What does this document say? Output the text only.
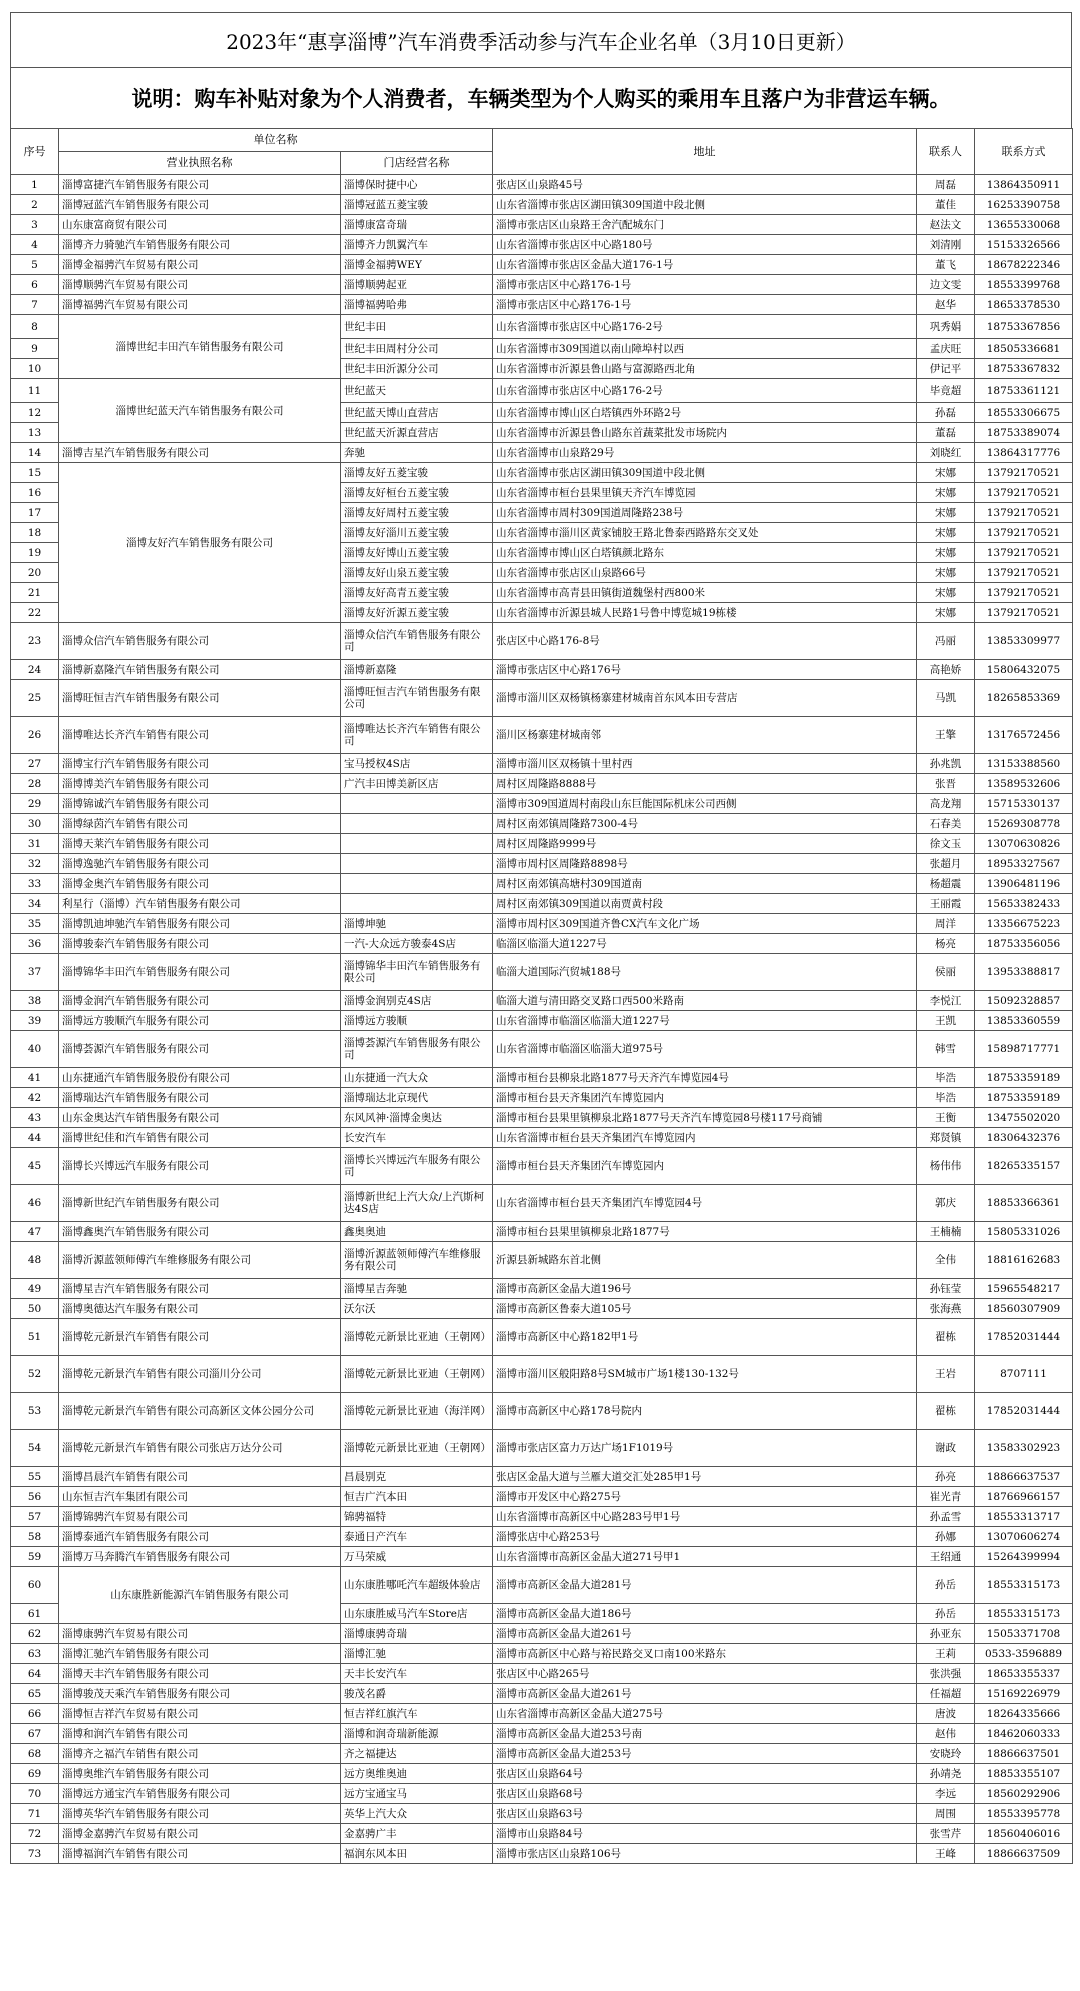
2023年“惠享淄博”汽车消费季活动参与汽车企业名单（3月10日更新）
说明：购车补贴对象为个人消费者，车辆类型为个人购买的乘用车且落户为非营运车辆。
序号	单位名称		地址	联系人	联系方式
	营业执照名称	门店经营名称			
1	淄博富捷汽车销售服务有限公司	淄博保时捷中心	张店区山泉路45号	周磊	13864350911
2	淄博冠蓝汽车销售服务有限公司	淄博冠蓝五菱宝骏	山东省淄博市张店区湖田镇309国道中段北侧	董佳	16253390758
3	山东康富商贸有限公司	淄博康富奇瑞	淄博市张店区山泉路王舍汽配城东门	赵法文	13655330068
4	淄博齐力骑驰汽车销售服务有限公司	淄博齐力凯翼汽车	山东省淄博市张店区中心路180号	刘清刚	15153326566
5	淄博金福骋汽车贸易有限公司	淄博金福骋WEY	山东省淄博市张店区金晶大道176-1号	董飞	18678222346
6	淄博顺骋汽车贸易有限公司	淄博顺骋起亚	淄博市张店区中心路176-1号	边文雯	18553399768
7	淄博福骋汽车贸易有限公司	淄博福骋哈弗	淄博市张店区中心路176-1号	赵华	18653378530
8	淄博世纪丰田汽车销售服务有限公司	世纪丰田	山东省淄博市张店区中心路176-2号	巩秀娟	18753367856
9		世纪丰田周村分公司	山东省淄博市309国道以南山障埠村以西	孟庆旺	18505336681
10		世纪丰田沂源分公司	山东省淄博市沂源县鲁山路与富源路西北角	伊记平	18753367832
11	淄博世纪蓝天汽车销售服务有限公司	世纪蓝天	山东省淄博市张店区中心路176-2号	毕竟超	18753361121
12		世纪蓝天博山直营店	山东省淄博市博山区白塔镇西外环路2号	孙磊	18553306675
13		世纪蓝天沂源直营店	山东省淄博市沂源县鲁山路东首蔬菜批发市场院内	董磊	18753389074
14	淄博吉星汽车销售服务有限公司	奔驰	山东省淄博市山泉路29号	刘晓红	13864317776
15	淄博友好汽车销售服务有限公司	淄博友好五菱宝骏	山东省淄博市张店区湖田镇309国道中段北侧	宋娜	13792170521
16		淄博友好桓台五菱宝骏	山东省淄博市桓台县果里镇天齐汽车博览园	宋娜	13792170521
17		淄博友好周村五菱宝骏	山东省淄博市周村309国道周隆路238号	宋娜	13792170521
18		淄博友好淄川五菱宝骏	山东省淄博市淄川区黄家铺胶王路北鲁泰西路路东交叉处	宋娜	13792170521
19		淄博友好博山五菱宝骏	山东省淄博市博山区白塔镇颜北路东	宋娜	13792170521
20		淄博友好山泉五菱宝骏	山东省淄博市张店区山泉路66号	宋娜	13792170521
21		淄博友好高青五菱宝骏	山东省淄博市高青县田镇街道魏堡村西800米	宋娜	13792170521
22		淄博友好沂源五菱宝骏	山东省淄博市沂源县城人民路1号鲁中博览城19栋楼	宋娜	13792170521
23	淄博众信汽车销售服务有限公司	淄博众信汽车销售服务有限公司	张店区中心路176-8号	冯丽	13853309977
24	淄博新嘉隆汽车销售服务有限公司	淄博新嘉隆	淄博市张店区中心路176号	高艳娇	15806432075
25	淄博旺恒吉汽车销售服务有限公司	淄博旺恒吉汽车销售服务有限公司	淄博市淄川区双杨镇杨寨建材城南首东风本田专营店	马凯	18265853369
26	淄博唯达长齐汽车销售有限公司	淄博唯达长齐汽车销售有限公司	淄川区杨寨建材城南邻	王擎	13176572456
27	淄博宝行汽车销售服务有限公司	宝马授权4S店	淄博市淄川区双杨镇十里村西	孙兆凯	13153388560
28	淄博博美汽车销售服务有限公司	广汽丰田博美新区店	周村区周隆路8888号	张晋	13589532606
29	淄博锦诚汽车销售服务有限公司		淄博市309国道周村南段山东巨能国际机床公司西侧	高龙翔	15715330137
30	淄博绿茵汽车销售有限公司		周村区南郊镇周隆路7300-4号	石春美	15269308778
31	淄博天莱汽车销售服务有限公司		周村区周隆路9999号	徐文玉	13070630826
32	淄博逸驰汽车销售服务有限公司		淄博市周村区周隆路8898号	张超月	18953327567
33	淄博金奥汽车销售服务有限公司		周村区南郊镇高塘村309国道南	杨超震	13906481196
34	利星行（淄博）汽车销售服务有限公司		周村区南郊镇309国道以南贾黄村段	王丽霞	15653382433
35	淄博凯迪坤驰汽车销售服务有限公司	淄博坤驰	淄博市周村区309国道齐鲁CX汽车文化广场	周洋	13356675223
36	淄博骏泰汽车销售服务有限公司	一汽-大众远方骏泰4S店	临淄区临淄大道1227号	杨亮	18753356056
37	淄博锦华丰田汽车销售服务有限公司	淄博锦华丰田汽车销售服务有限公司	临淄大道国际汽贸城188号	侯丽	13953388817
38	淄博金润汽车销售服务有限公司	淄博金润别克4S店	临淄大道与清田路交叉路口西500米路南	李悦江	15092328857
39	淄博远方骏顺汽车服务有限公司	淄博远方骏顺	山东省淄博市临淄区临淄大道1227号	王凯	13853360559
40	淄博荟源汽车销售服务有限公司	淄博荟源汽车销售服务有限公司	山东省淄博市临淄区临淄大道975号	韩雪	15898717771
41	山东捷通汽车销售服务股份有限公司	山东捷通一汽大众	淄博市桓台县柳泉北路1877号天齐汽车博览园4号	毕浩	18753359189
42	淄博瑞达汽车销售服务有限公司	淄博瑞达北京现代	淄博市桓台县天齐集团汽车博览园内	毕浩	18753359189
43	山东金奥达汽车销售服务有限公司	东风风神·淄博金奥达	淄博市桓台县果里镇柳泉北路1877号天齐汽车博览园8号楼117号商铺	王衡	13475502020
44	淄博世纪佳和汽车销售有限公司	长安汽车	山东省淄博市桓台县天齐集团汽车博览园内	郑贤镇	18306432376
45	淄博长兴博远汽车服务有限公司	淄博长兴博远汽车服务有限公司	淄博市桓台县天齐集团汽车博览园内	杨伟伟	18265335157
46	淄博新世纪汽车销售服务有限公司	淄博新世纪上汽大众/上汽斯柯达4S店	山东省淄博市桓台县天齐集团汽车博览园4号	郭庆	18853366361
47	淄博鑫奥汽车销售服务有限公司	鑫奥奥迪	淄博市桓台县果里镇柳泉北路1877号	王楠楠	15805331026
48	淄博沂源蓝领师傅汽车维修服务有限公司	淄博沂源蓝领师傅汽车维修服务有限公司	沂源县新城路东首北侧	全伟	18816162683
49	淄博星吉汽车销售服务有限公司	淄博星吉奔驰	淄博市高新区金晶大道196号	孙钰莹	15965548217
50	淄博奥德达汽车服务有限公司	沃尔沃	淄博市高新区鲁泰大道105号	张海燕	18560307909
51	淄博乾元新景汽车销售有限公司	淄博乾元新景比亚迪（王朝网）	淄博市高新区中心路182甲1号	翟栋	17852031444
52	淄博乾元新景汽车销售有限公司淄川分公司	淄博乾元新景比亚迪（王朝网）	淄博市淄川区般阳路8号SM城市广场1楼130-132号	王岩	8707111
53	淄博乾元新景汽车销售有限公司高新区文体公园分公司	淄博乾元新景比亚迪（海洋网）	淄博市高新区中心路178号院内	翟栋	17852031444
54	淄博乾元新景汽车销售有限公司张店万达分公司	淄博乾元新景比亚迪（王朝网）	淄博市张店区富力万达广场1F1019号	谢政	13583302923
55	淄博昌晨汽车销售有限公司	昌晨别克	张店区金晶大道与兰雁大道交汇处285甲1号	孙亮	18866637537
56	山东恒吉汽车集团有限公司	恒吉广汽本田	淄博市开发区中心路275号	崔光青	18766966157
57	淄博锦骋汽车贸易有限公司	锦骋福特	山东省淄博市高新区中心路283号甲1号	孙孟雪	18553313717
58	淄博泰通汽车销售服务有限公司	泰通日产汽车	淄博张店中心路253号	孙娜	13070606274
59	淄博万马奔腾汽车销售服务有限公司	万马荣威	山东省淄博市高新区金晶大道271号甲1	王绍通	15264399994
60	山东康胜新能源汽车销售服务有限公司	山东康胜哪吒汽车超级体验店	淄博市高新区金晶大道281号	孙岳	18553315173
61		山东康胜威马汽车Store店	淄博市高新区金晶大道186号	孙岳	18553315173
62	淄博康骋汽车贸易有限公司	淄博康骋奇瑞	淄博市高新区金晶大道261号	孙亚东	15053371708
63	淄博汇驰汽车销售服务有限公司	淄博汇驰	淄博市高新区中心路与裕民路交叉口南100米路东	王莉	0533-3596889
64	淄博天丰汽车销售服务有限公司	天丰长安汽车	张店区中心路265号	张洪强	18653355337
65	淄博骏茂天乘汽车销售服务有限公司	骏茂名爵	淄博市高新区金晶大道261号	任福超	15169226979
66	淄博恒吉祥汽车贸易有限公司	恒吉祥红旗汽车	山东省淄博市高新区金晶大道275号	唐波	18264335666
67	淄博和润汽车销售有限公司	淄博和润奇瑞新能源	淄博市高新区金晶大道253号南	赵伟	18462060333
68	淄博齐之福汽车销售有限公司	齐之福捷达	淄博市高新区金晶大道253号	安晓玲	18866637501
69	淄博奥维汽车销售服务有限公司	远方奥维奥迪	张店区山泉路64号	孙靖尧	18853355107
70	淄博远方通宝汽车销售服务有限公司	远方宝通宝马	张店区山泉路68号	李远	18560292906
71	淄博英华汽车销售服务有限公司	英华上汽大众	张店区山泉路63号	周围	18553395778
72	淄博金嘉骋汽车贸易有限公司	金嘉骋广丰	淄博市山泉路84号	张雪芹	18560406016
73	淄博福润汽车销售有限公司	福润东风本田	淄博市张店区山泉路106号	王峰	18866637509
